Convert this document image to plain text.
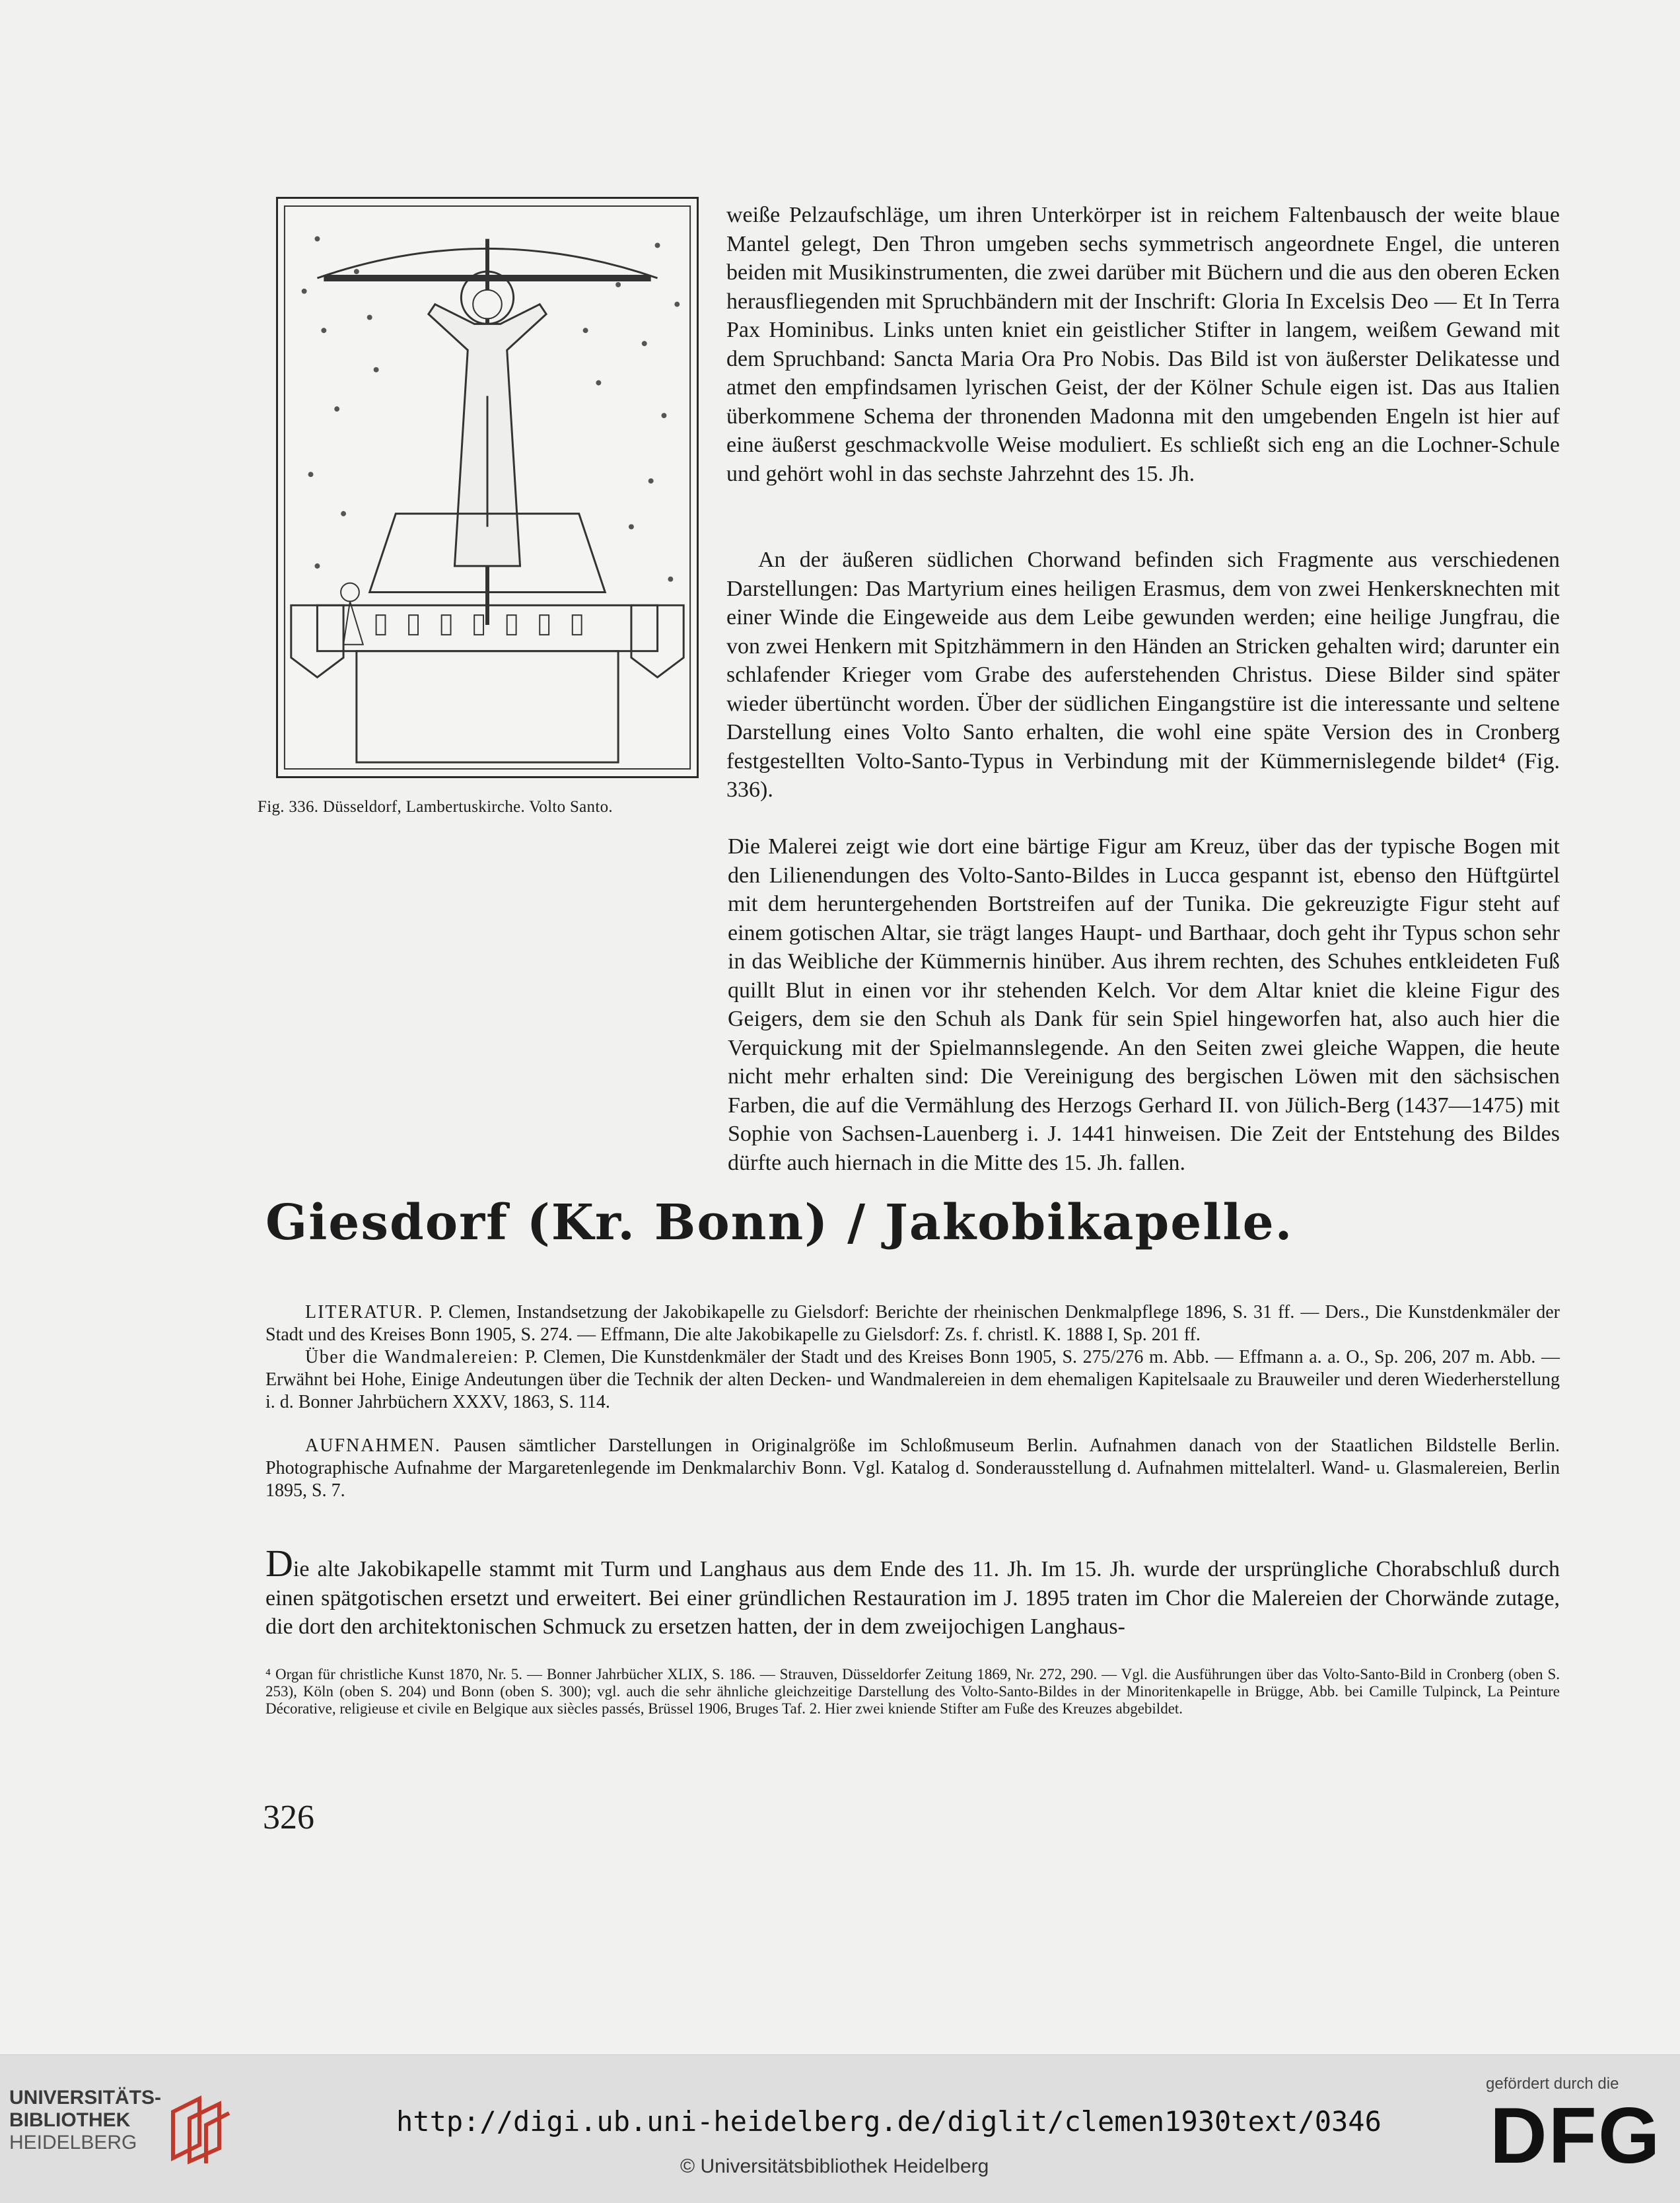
Fig. 336. Düsseldorf, Lambertuskirche. Volto Santo.

weiße Pelzaufschläge, um ihren Unterkörper ist in reichem Faltenbausch der weite blaue Mantel gelegt, Den Thron umgeben sechs symmetrisch angeordnete Engel, die unteren beiden mit Musikinstrumenten, die zwei darüber mit Büchern und die aus den oberen Ecken herausfliegenden mit Spruchbändern mit der Inschrift: Gloria In Excelsis Deo — Et In Terra Pax Hominibus. Links unten kniet ein geistlicher Stifter in langem, weißem Gewand mit dem Spruchband: Sancta Maria Ora Pro Nobis. Das Bild ist von äußerster Delikatesse und atmet den empfindsamen lyrischen Geist, der der Kölner Schule eigen ist. Das aus Italien überkommene Schema der thronenden Madonna mit den umgebenden Engeln ist hier auf eine äußerst geschmackvolle Weise moduliert. Es schließt sich eng an die Lochner-Schule und gehört wohl in das sechste Jahrzehnt des 15. Jh.

An der äußeren südlichen Chorwand befinden sich Fragmente aus verschiedenen Darstellungen: Das Martyrium eines heiligen Erasmus, dem von zwei Henkersknechten mit einer Winde die Eingeweide aus dem Leibe gewunden werden; eine heilige Jungfrau, die von zwei Henkern mit Spitzhämmern in den Händen an Stricken gehalten wird; darunter ein schlafender Krieger vom Grabe des auferstehenden Christus. Diese Bilder sind später wieder übertüncht worden. Über der südlichen Eingangstüre ist die interessante und seltene Darstellung eines Volto Santo erhalten, die wohl eine späte Version des in Cronberg festgestellten Volto-Santo-Typus in Verbindung mit der Kümmernislegende bildet⁴ (Fig. 336).

Die Malerei zeigt wie dort eine bärtige Figur am Kreuz, über das der typische Bogen mit den Lilienendungen des Volto-Santo-Bildes in Lucca gespannt ist, ebenso den Hüftgürtel mit dem heruntergehenden Bortstreifen auf der Tunika. Die gekreuzigte Figur steht auf einem gotischen Altar, sie trägt langes Haupt- und Barthaar, doch geht ihr Typus schon sehr in das Weibliche der Kümmernis hinüber. Aus ihrem rechten, des Schuhes entkleideten Fuß quillt Blut in einen vor ihr stehenden Kelch. Vor dem Altar kniet die kleine Figur des Geigers, dem sie den Schuh als Dank für sein Spiel hingeworfen hat, also auch hier die Verquickung mit der Spielmannslegende. An den Seiten zwei gleiche Wappen, die heute nicht mehr erhalten sind: Die Vereinigung des bergischen Löwen mit den sächsischen Farben, die auf die Vermählung des Herzogs Gerhard II. von Jülich-Berg (1437—1475) mit Sophie von Sachsen-Lauenberg i. J. 1441 hinweisen. Die Zeit der Entstehung des Bildes dürfte auch hiernach in die Mitte des 15. Jh. fallen.

Giesdorf (Kr. Bonn) / Jakobikapelle.

LITERATUR. P. Clemen, Instandsetzung der Jakobikapelle zu Gielsdorf: Berichte der rheinischen Denkmalpflege 1896, S. 31 ff. — Ders., Die Kunstdenkmäler der Stadt und des Kreises Bonn 1905, S. 274. — Effmann, Die alte Jakobikapelle zu Gielsdorf: Zs. f. christl. K. 1888 I, Sp. 201 ff.

Über die Wandmalereien: P. Clemen, Die Kunstdenkmäler der Stadt und des Kreises Bonn 1905, S. 275/276 m. Abb. — Effmann a. a. O., Sp. 206, 207 m. Abb. — Erwähnt bei Hohe, Einige Andeutungen über die Technik der alten Decken- und Wandmalereien in dem ehemaligen Kapitelsaale zu Brauweiler und deren Wiederherstellung i. d. Bonner Jahrbüchern XXXV, 1863, S. 114.

AUFNAHMEN. Pausen sämtlicher Darstellungen in Originalgröße im Schloßmuseum Berlin. Aufnahmen danach von der Staatlichen Bildstelle Berlin. Photographische Aufnahme der Margaretenlegende im Denkmalarchiv Bonn. Vgl. Katalog d. Sonderausstellung d. Aufnahmen mittelalterl. Wand- u. Glasmalereien, Berlin 1895, S. 7.

Die alte Jakobikapelle stammt mit Turm und Langhaus aus dem Ende des 11. Jh. Im 15. Jh. wurde der ursprüngliche Chorabschluß durch einen spätgotischen ersetzt und erweitert. Bei einer gründlichen Restauration im J. 1895 traten im Chor die Malereien der Chorwände zutage, die dort den architektonischen Schmuck zu ersetzen hatten, der in dem zweijochigen Langhaus-

⁴ Organ für christliche Kunst 1870, Nr. 5. — Bonner Jahrbücher XLIX, S. 186. — Strauven, Düsseldorfer Zeitung 1869, Nr. 272, 290. — Vgl. die Ausführungen über das Volto-Santo-Bild in Cronberg (oben S. 253), Köln (oben S. 204) und Bonn (oben S. 300); vgl. auch die sehr ähnliche gleichzeitige Darstellung des Volto-Santo-Bildes in der Minoritenkapelle in Brügge, Abb. bei Camille Tulpinck, La Peinture Décorative, religieuse et civile en Belgique aux siècles passés, Brüssel 1906, Bruges Taf. 2. Hier zwei kniende Stifter am Fuße des Kreuzes abgebildet.

326
UNIVERSITÄTS-
BIBLIOTHEK
HEIDELBERG
http://digi.ub.uni-heidelberg.de/diglit/clemen1930text/0346
© Universitätsbibliothek Heidelberg
gefördert durch die
DFG
